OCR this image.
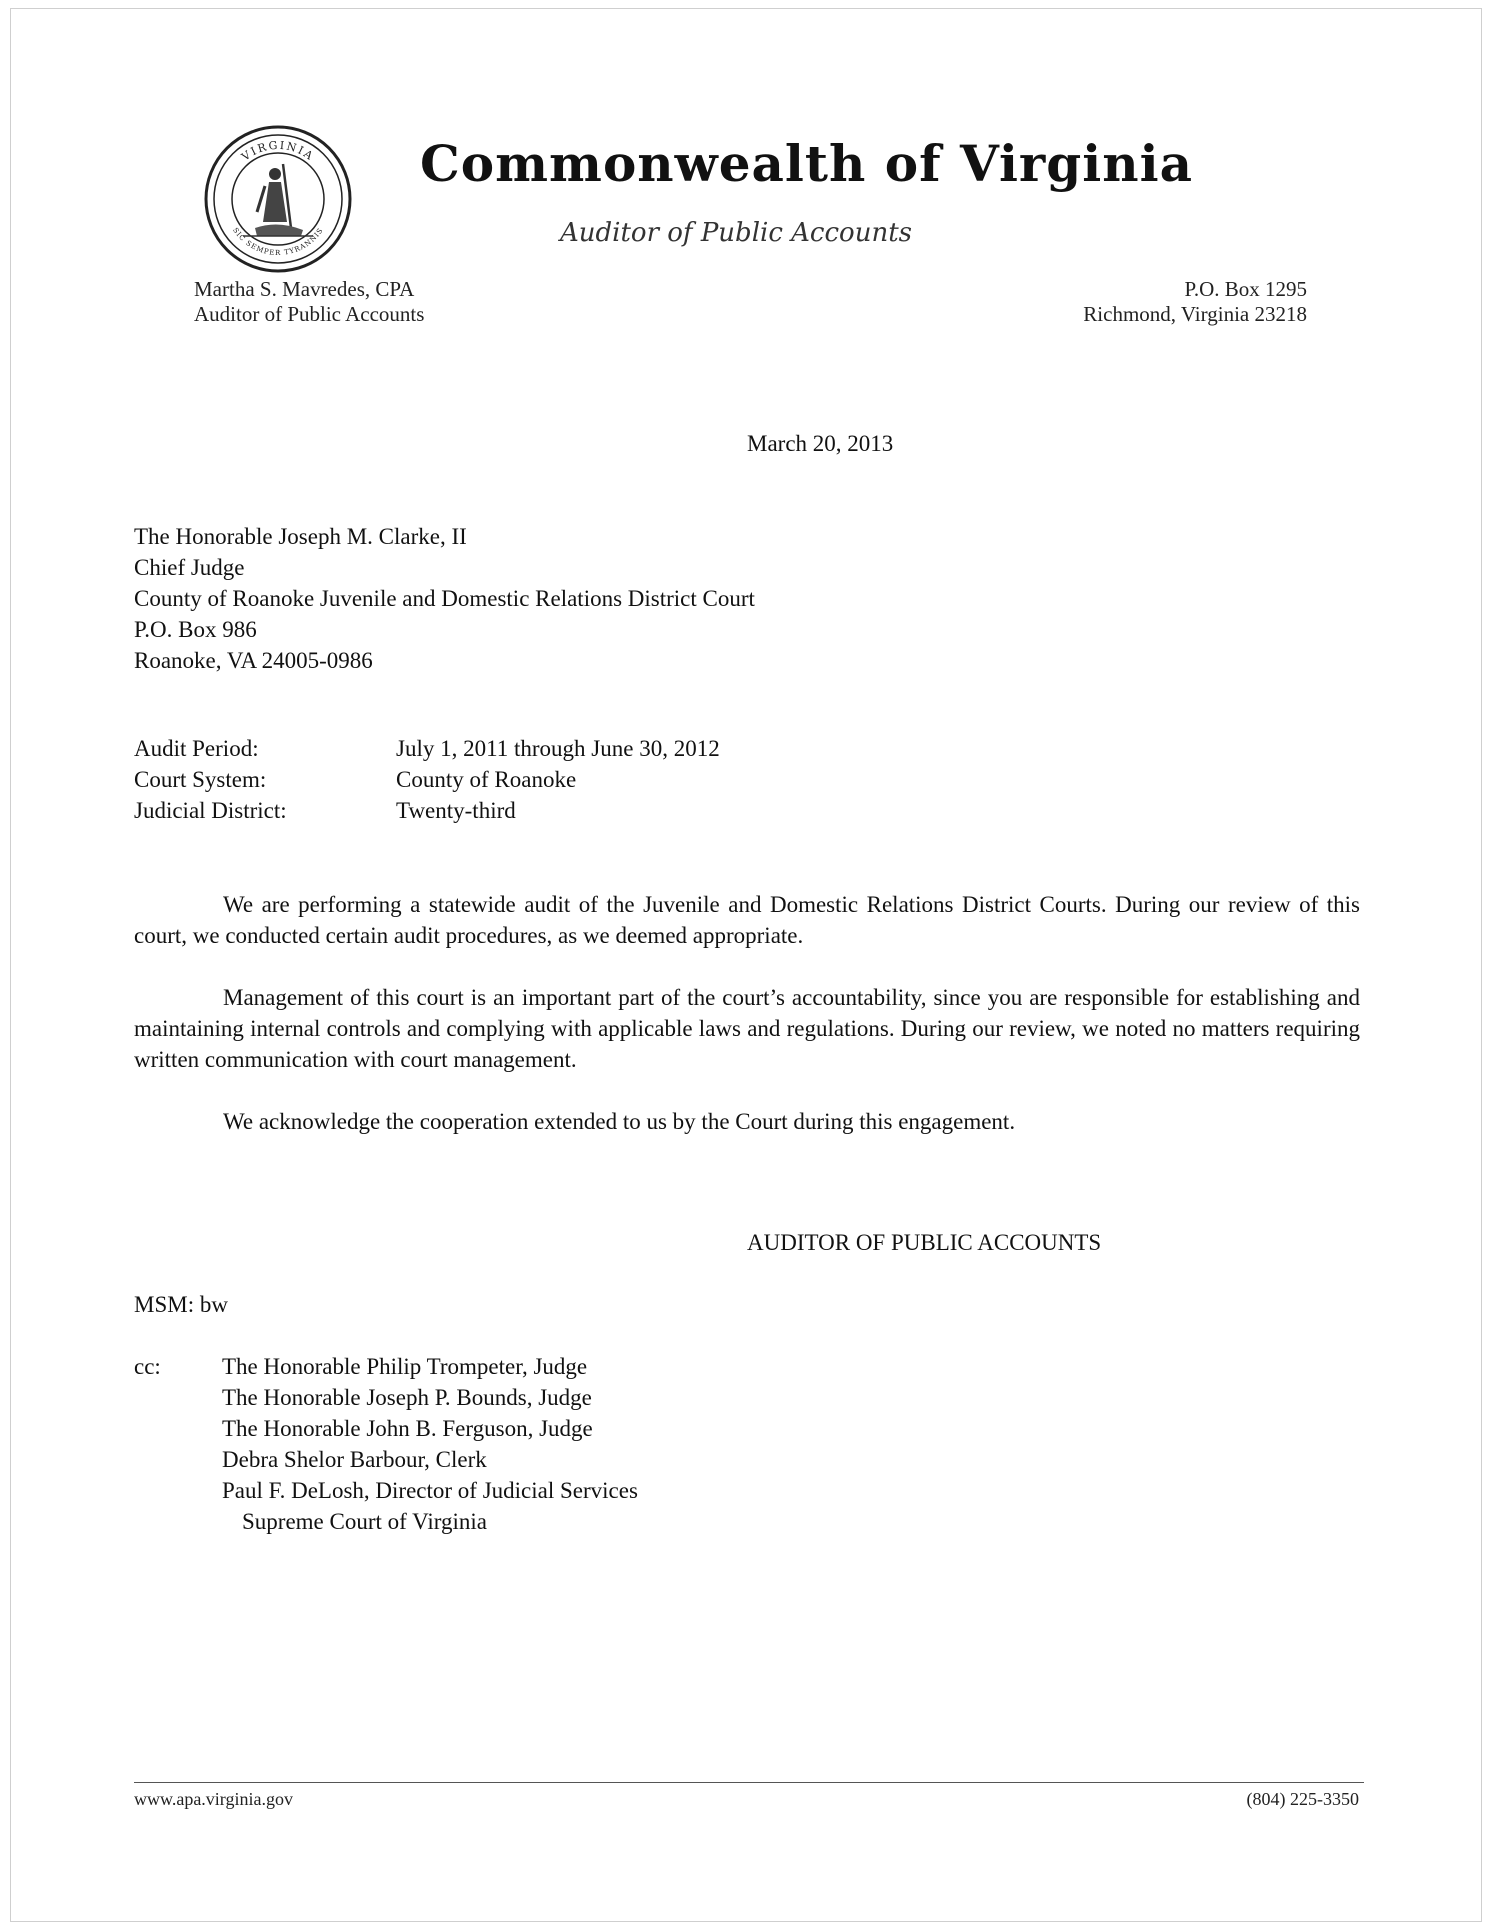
VIRGINIA
SIC SEMPER TYRANNIS
Commonwealth of Virginia
Auditor of Public Accounts
Martha S. Mavredes, CPA
Auditor of Public Accounts
P.O. Box 1295
Richmond, Virginia 23218
March 20, 2013
The Honorable Joseph M. Clarke, II
Chief Judge
County of Roanoke Juvenile and Domestic Relations District Court
P.O. Box 986
Roanoke, VA 24005-0986
Audit Period:	July 1, 2011 through June 30, 2012
Court System:	County of Roanoke
Judicial District:	Twenty-third
We are performing a statewide audit of the Juvenile and Domestic Relations District Courts. During our review of this court, we conducted certain audit procedures, as we deemed appropriate.
Management of this court is an important part of the court’s accountability, since you are responsible for establishing and maintaining internal controls and complying with applicable laws and regulations. During our review, we noted no matters requiring written communication with court management.
We acknowledge the cooperation extended to us by the Court during this engagement.
AUDITOR OF PUBLIC ACCOUNTS
MSM: bw
cc:	The Honorable Philip Trompeter, Judge
The Honorable Joseph P. Bounds, Judge
The Honorable John B. Ferguson, Judge
Debra Shelor Barbour, Clerk
Paul F. DeLosh, Director of Judicial Services
Supreme Court of Virginia
www.apa.virginia.gov	(804) 225-3350
